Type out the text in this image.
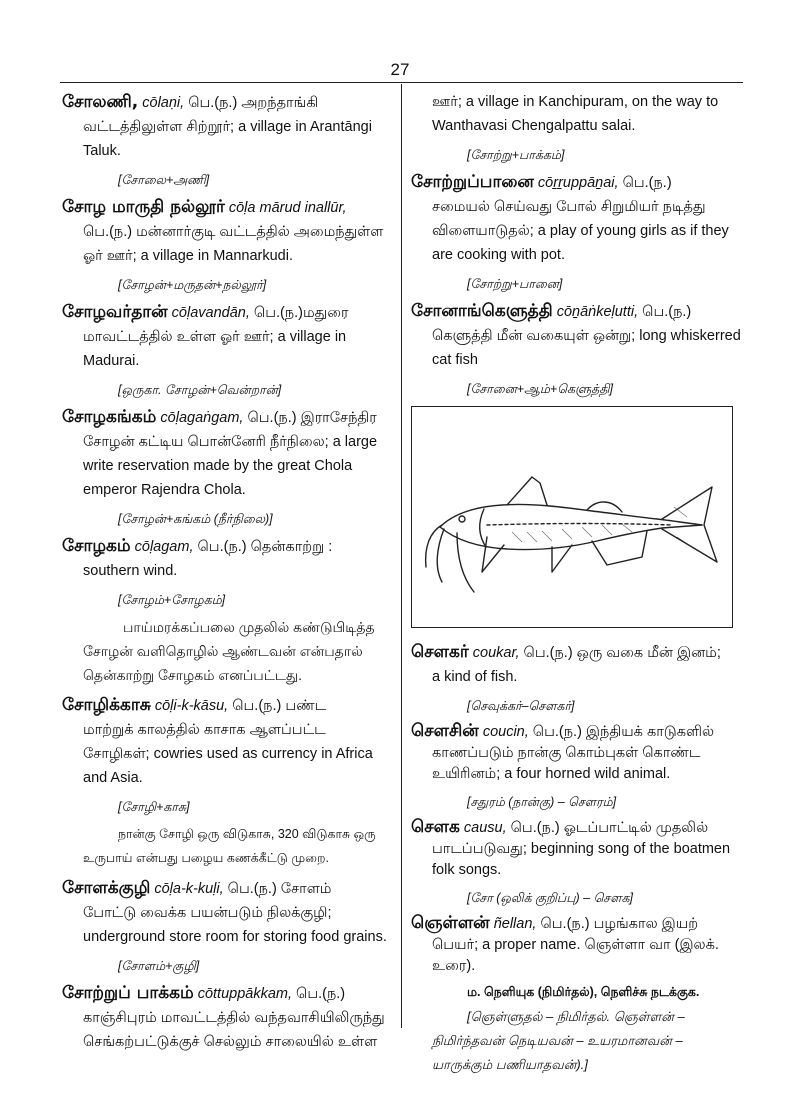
27
சோலணி, cōlaṇi, பெ.(ந.) அறந்தாங்கி
வட்டத்திலுள்ள சிற்றூர்; a village in Arantāngi Taluk.
[சோலை+அணி]
சோழ மாருதி நல்லூர் cōḷa mārud inallūr,
பெ.(ந.) மன்னார்குடி வட்டத்தில் அமைந்துள்ள ஓர் ஊர்; a village in Mannarkudi.
[சோழன்+மருதன்+நல்லூர்]
சோழவர்தான் cōḷavandān, பெ.(ந.)மதுரை
மாவட்டத்தில் உள்ள ஓர் ஊர்; a village in Madurai.
[ஒருகா. சோழன்+வென்றான்]
சோழகங்கம் cōḷagaṅgam, பெ.(ந.) இராசேந்திர
சோழன் கட்டிய பொன்னேரி நீர்நிலை; a large write reservation made by the great Chola emperor Rajendra Chola.
[சோழன்+கங்கம் (நீர்நிலை)]
சோழகம் cōḷagam, பெ.(ந.) தென்காற்று :
southern wind.
[சோழம்+சோழகம்]

பாய்மரக்கப்பலை முதலில் கண்டுபிடித்த சோழன் வளிதொழில் ஆண்டவன் என்பதால் தென்காற்று சோழகம் எனப்பட்டது.

சோழிக்காசு cōḷi-k-kāsu, பெ.(ந.) பண்ட
மாற்றுக் காலத்தில் காசாக ஆளப்பட்ட சோழிகள்; cowries used as currency in Africa and Asia.
[சோழி+காசு]

நான்கு சோழி ஒரு விடுகாசு, 320 விடுகாசு ஒரு உருபாய் என்பது பழைய கணக்கீட்டு முறை.

சோளக்குழி cōḷa-k-kuḷi, பெ.(ந.) சோளம்
போட்டு வைக்க பயன்படும் நிலக்குழி; underground store room for storing food grains.
[சோளம்+குழி]
சோற்றுப் பாக்கம் cōttuppākkam, பெ.(ந.)
காஞ்சிபுரம் மாவட்டத்தில் வந்தவாசியிலிருந்து செங்கற்பட்டுக்குச் செல்லும் சாலையில் உள்ள
ஊர்; a village in Kanchipuram, on the way to Wanthavasi Chengalpattu salai.
[சோற்று+பாக்கம்]
சோற்றுப்பானை cōṟṟuppāṉai, பெ.(ந.)
சமையல் செய்வது போல் சிறுமியர் நடித்து விளையாடுதல்; a play of young girls as if they are cooking with pot.
[சோற்று+பானை]
சோனாங்கெளுத்தி cōṉāṅkeḷutti, பெ.(ந.)
கெளுத்தி மீன் வகையுள் ஒன்று; long whiskerred cat fish
[சோனை+ஆம்+கெளுத்தி]
சௌகர் coukar, பெ.(ந.) ஒரு வகை மீன் இனம்;
a kind of fish.
[செவுக்கர்–சௌகர்]
சௌசின் coucin, பெ.(ந.) இந்தியக் காடுகளில்
காணப்படும் நான்கு கொம்புகள் கொண்ட உயிரினம்; a four horned wild animal.
[சதுரம் (நான்கு) – சௌரம்]
சௌக causu, பெ.(ந.) ஓடப்பாட்டில் முதலில்
பாடப்படுவது; beginning song of the boatmen folk songs.
[சோ (ஒலிக் குறிப்பு) – சௌக]
ஞெள்ளன் ñellan, பெ.(ந.) பழங்கால இயற்
பெயர்; a proper name. ஞெள்ளா வா (இலக். உரை).
ம. நெளியுக (நிமிர்தல்), நெளிச்சு நடக்குக.

[ஞெள்ளுதல் – நிமிர்தல். ஞெள்ளன் – நிமிர்ந்தவன் நெடியவன் – உயரமானவன் – யாருக்கும் பணியாதவன்).]
